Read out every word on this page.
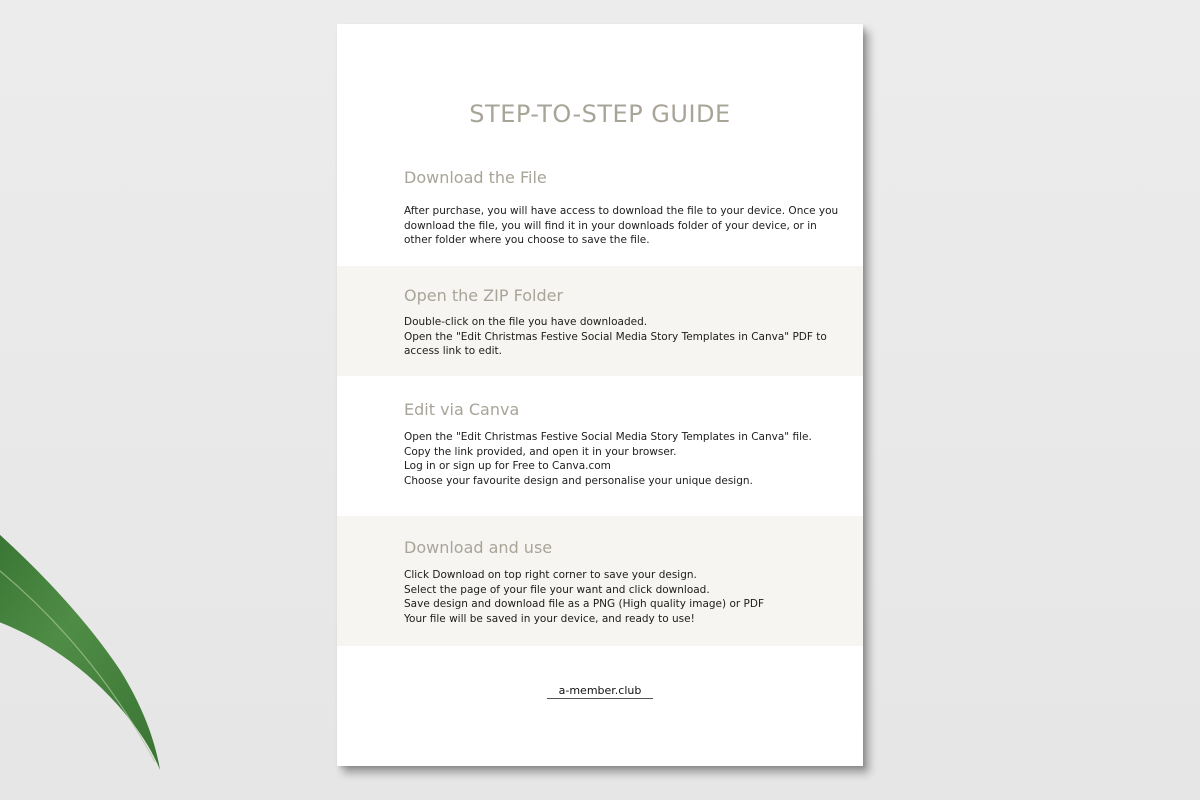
STEP-TO-STEP GUIDE
Download the File
After purchase, you will have access to download the file to your device. Once you
download the file, you will find it in your downloads folder of your device, or in
other folder where you choose to save the file.
Open the ZIP Folder
Double-click on the file you have downloaded.
Open the "Edit Christmas Festive Social Media Story Templates in Canva" PDF to
access link to edit.
Edit via Canva
Open the "Edit Christmas Festive Social Media Story Templates in Canva" file.
Copy the link provided, and open it in your browser.
Log in or sign up for Free to Canva.com
Choose your favourite design and personalise your unique design.
Download and use
Click Download on top right corner to save your design.
Select the page of your file your want and click download.
Save design and download file as a PNG (High quality image) or PDF
Your file will be saved in your device, and ready to use!
a-member.club
